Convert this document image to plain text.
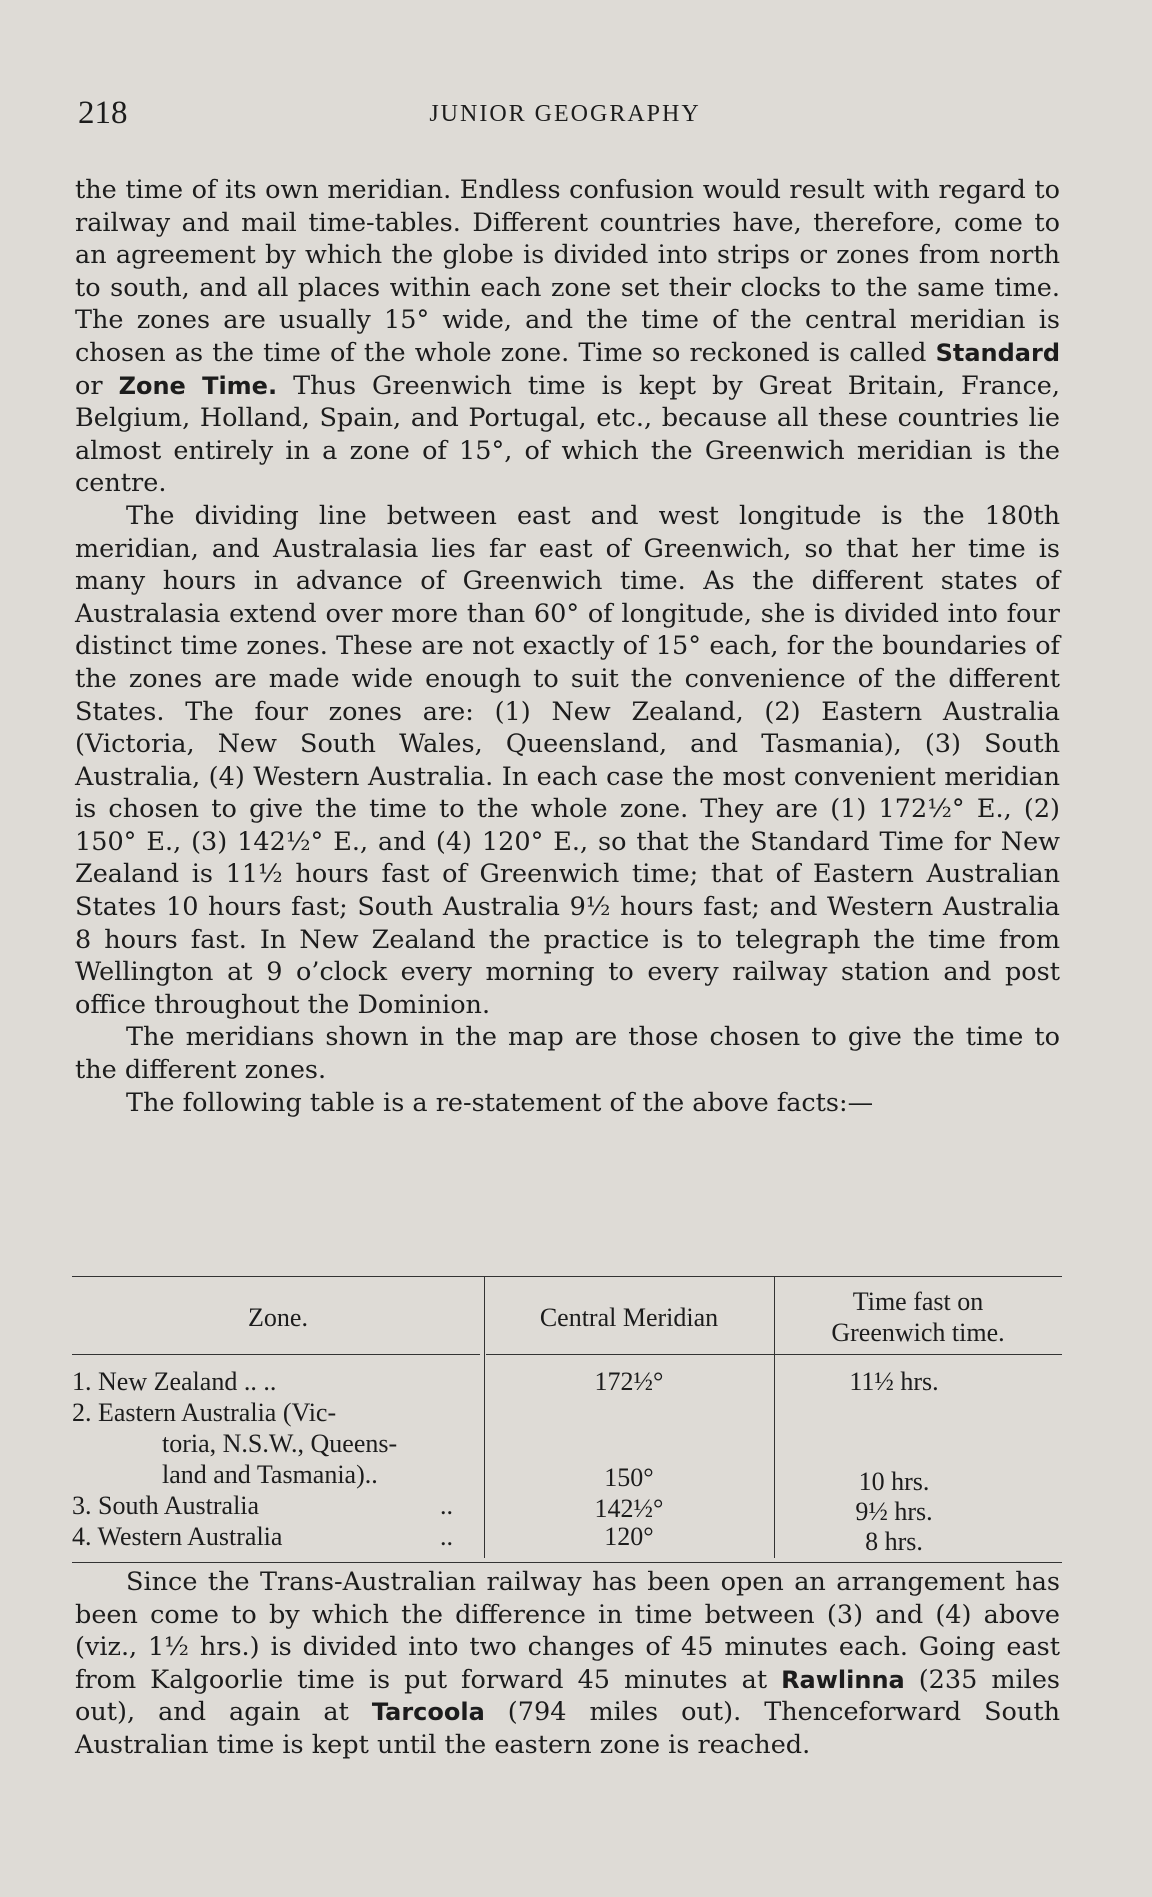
218	JUNIOR GEOGRAPHY

the time of its own meridian. Endless confusion would result with regard to railway and mail time-tables. Different countries have, therefore, come to an agreement by which the globe is divided into strips or zones from north to south, and all places within each zone set their clocks to the same time. The zones are usually 15° wide, and the time of the central meridian is chosen as the time of the whole zone. Time so reckoned is called Standard or Zone Time. Thus Greenwich time is kept by Great Britain, France, Belgium, Holland, Spain, and Portugal, etc., because all these countries lie almost entirely in a zone of 15°, of which the Greenwich meridian is the centre.

The dividing line between east and west longitude is the 180th meridian, and Australasia lies far east of Greenwich, so that her time is many hours in advance of Greenwich time. As the different states of Australasia extend over more than 60° of longitude, she is divided into four distinct time zones. These are not exactly of 15° each, for the boundaries of the zones are made wide enough to suit the convenience of the different States. The four zones are: (1) New Zealand, (2) Eastern Australia (Victoria, New South Wales, Queensland, and Tasmania), (3) South Australia, (4) Western Australia. In each case the most convenient meridian is chosen to give the time to the whole zone. They are (1) 172½° E., (2) 150° E., (3) 142½° E., and (4) 120° E., so that the Standard Time for New Zealand is 11½ hours fast of Greenwich time; that of Eastern Australian States 10 hours fast; South Australia 9½ hours fast; and Western Australia 8 hours fast. In New Zealand the practice is to telegraph the time from Wellington at 9 o’clock every morning to every railway station and post office throughout the Dominion.

The meridians shown in the map are those chosen to give the time to the different zones.

The following table is a re-statement of the above facts:—

Zone.	Central Meridian
Time fast on
Greenwich time.
1. New Zealand .. ..	172½°	11½ hrs.
2. Eastern Australia (Vic-
toria, N.S.W., Queens-
land and Tasmania)..	150°	10 hrs.
3. South Australia	..	142½°	9½ hrs.
4. Western Australia	..	120°	8 hrs.

Since the Trans-Australian railway has been open an arrangement has been come to by which the difference in time between (3) and (4) above (viz., 1½ hrs.) is divided into two changes of 45 minutes each. Going east from Kalgoorlie time is put forward 45 minutes at Rawlinna (235 miles out), and again at Tarcoola (794 miles out). Thenceforward South Australian time is kept until the eastern zone is reached.
